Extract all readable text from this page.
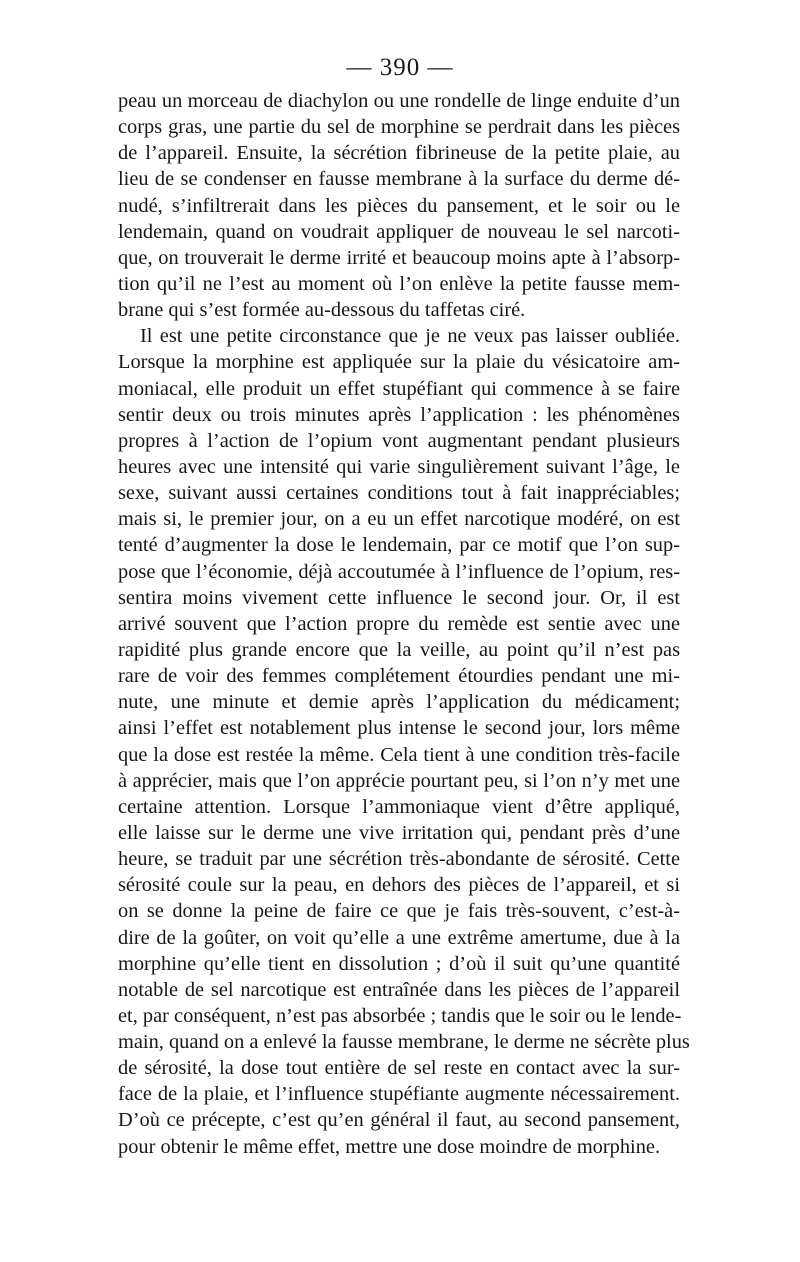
— 390 —
peau un morceau de diachylon ou une rondelle de linge enduite d’un
corps gras, une partie du sel de morphine se perdrait dans les pièces
de l’appareil. Ensuite, la sécrétion fibrineuse de la petite plaie, au
lieu de se condenser en fausse membrane à la surface du derme dé-
nudé, s’infiltrerait dans les pièces du pansement, et le soir ou le
lendemain, quand on voudrait appliquer de nouveau le sel narcoti-
que, on trouverait le derme irrité et beaucoup moins apte à l’absorp-
tion qu’il ne l’est au moment où l’on enlève la petite fausse mem-
brane qui s’est formée au-dessous du taffetas ciré.
Il est une petite circonstance que je ne veux pas laisser oubliée.
Lorsque la morphine est appliquée sur la plaie du vésicatoire am-
moniacal, elle produit un effet stupéfiant qui commence à se faire
sentir deux ou trois minutes après l’application : les phénomènes
propres à l’action de l’opium vont augmentant pendant plusieurs
heures avec une intensité qui varie singulièrement suivant l’âge, le
sexe, suivant aussi certaines conditions tout à fait inappréciables;
mais si, le premier jour, on a eu un effet narcotique modéré, on est
tenté d’augmenter la dose le lendemain, par ce motif que l’on sup-
pose que l’économie, déjà accoutumée à l’influence de l’opium, res-
sentira moins vivement cette influence le second jour. Or, il est
arrivé souvent que l’action propre du remède est sentie avec une
rapidité plus grande encore que la veille, au point qu’il n’est pas
rare de voir des femmes complétement étourdies pendant une mi-
nute, une minute et demie après l’application du médicament;
ainsi l’effet est notablement plus intense le second jour, lors même
que la dose est restée la même. Cela tient à une condition très-facile
à apprécier, mais que l’on apprécie pourtant peu, si l’on n’y met une
certaine attention. Lorsque l’ammoniaque vient d’être appliqué,
elle laisse sur le derme une vive irritation qui, pendant près d’une
heure, se traduit par une sécrétion très-abondante de sérosité. Cette
sérosité coule sur la peau, en dehors des pièces de l’appareil, et si
on se donne la peine de faire ce que je fais très-souvent, c’est-à-
dire de la goûter, on voit qu’elle a une extrême amertume, due à la
morphine qu’elle tient en dissolution ; d’où il suit qu’une quantité
notable de sel narcotique est entraînée dans les pièces de l’appareil
et, par conséquent, n’est pas absorbée ; tandis que le soir ou le lende-
main, quand on a enlevé la fausse membrane, le derme ne sécrète plus
de sérosité, la dose tout entière de sel reste en contact avec la sur-
face de la plaie, et l’influence stupéfiante augmente nécessairement.
D’où ce précepte, c’est qu’en général il faut, au second pansement,
pour obtenir le même effet, mettre une dose moindre de morphine.
